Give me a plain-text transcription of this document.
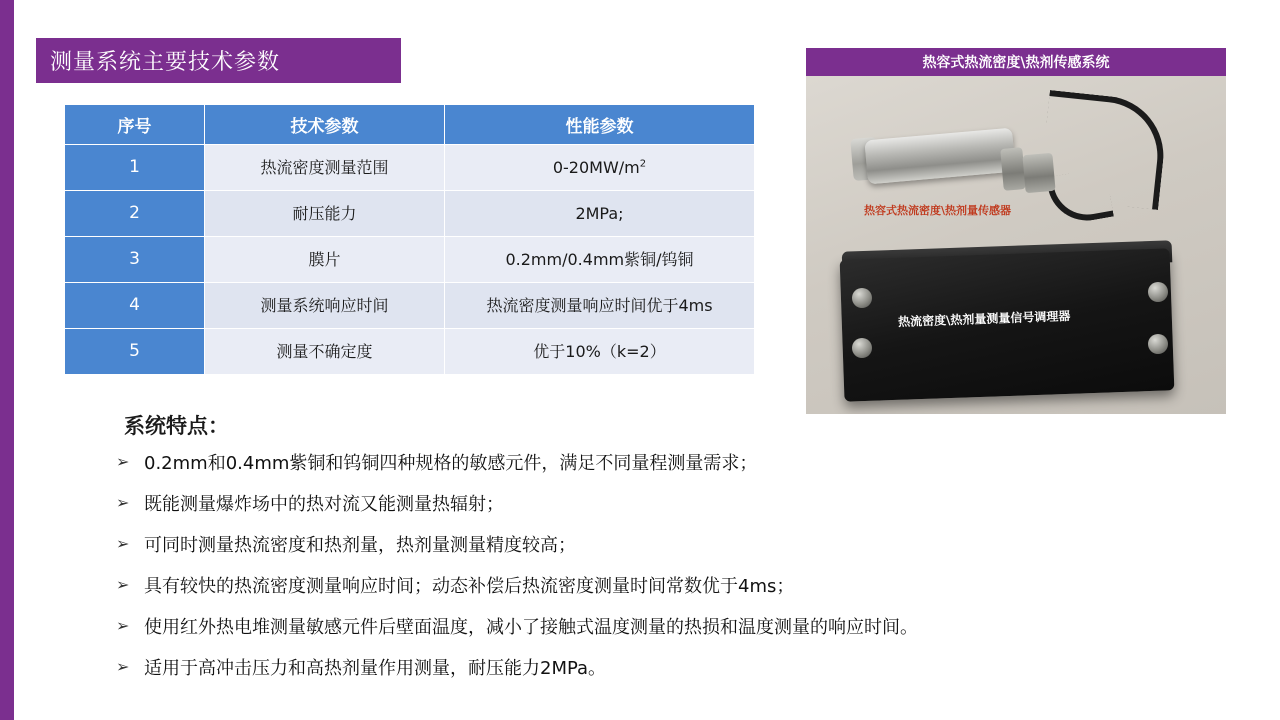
测量系统主要技术参数
序号	技术参数	性能参数
1	热流密度测量范围	$0-20MW/m^2$
2	耐压能力	2MPa;
3	膜片	0.2mm/0.4mm紫铜/钨铜
4	测量系统响应时间	热流密度测量响应时间优于4ms
5	测量不确定度	优于10%（k=2）
热容式热流密度\热剂传感系统
热容式热流密度\热剂量传感器
热流密度\热剂量测量信号调理器
系统特点：
➢ 0.2mm和0.4mm紫铜和钨铜四种规格的敏感元件，满足不同量程测量需求；
➢ 既能测量爆炸场中的热对流又能测量热辐射；
➢ 可同时测量热流密度和热剂量，热剂量测量精度较高；
➢ 具有较快的热流密度测量响应时间；动态补偿后热流密度测量时间常数优于4ms；
➢ 使用红外热电堆测量敏感元件后壁面温度，减小了接触式温度测量的热损和温度测量的响应时间。
➢ 适用于高冲击压力和高热剂量作用测量，耐压能力2MPa。
